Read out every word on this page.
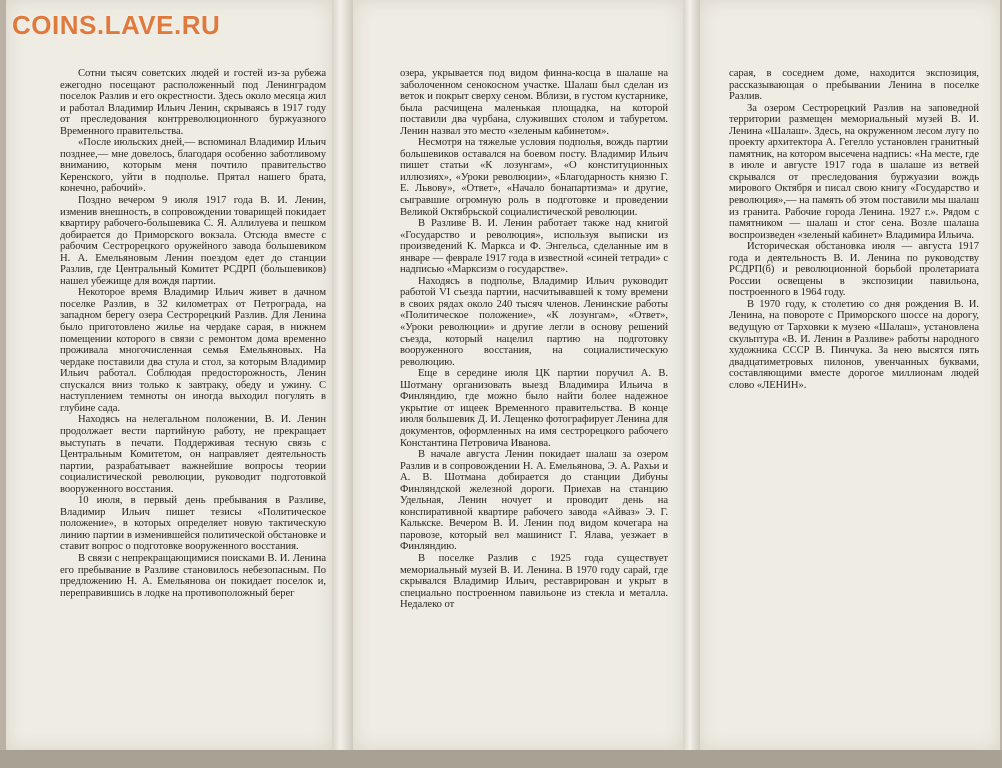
COINS.LAVE.RU

Сотни тысяч советских людей и гостей из-за рубежа ежегодно посещают расположенный под Ленинградом поселок Разлив и его окрестности. Здесь около месяца жил и работал Владимир Ильич Ленин, скрываясь в 1917 году от преследования контрреволюционного буржуазного Временного правительства.

«После июльских дней,— вспоминал Владимир Ильич позднее,— мне довелось, благодаря особенно заботливому вниманию, которым меня почтило правительство Керенского, уйти в подполье. Прятал нашего брата, конечно, рабочий».

Поздно вечером 9 июля 1917 года В. И. Ленин, изменив внешность, в сопровождении товарищей покидает квартиру рабочего-большевика С. Я. Аллилуева и пешком добирается до Приморского вокзала. Отсюда вместе с рабочим Сестрорецкого оружейного завода большевиком Н. А. Емельяновым Ленин поездом едет до станции Разлив, где Центральный Комитет РСДРП (большевиков) нашел убежище для вождя партии.

Некоторое время Владимир Ильич живет в дачном поселке Разлив, в 32 километрах от Петрограда, на западном берегу озера Сестрорецкий Разлив. Для Ленина было приготовлено жилье на чердаке сарая, в нижнем помещении которого в связи с ремонтом дома временно проживала многочисленная семья Емельяновых. На чердаке поставили два стула и стол, за которым Владимир Ильич работал. Соблюдая предосторожность, Ленин спускался вниз только к завтраку, обеду и ужину. С наступлением темноты он иногда выходил погулять в глубине сада.

Находясь на нелегальном положении, В. И. Ленин продолжает вести партийную работу, не прекращает выступать в печати. Поддерживая тесную связь с Центральным Комитетом, он направляет деятельность партии, разрабатывает важнейшие вопросы теории социалистической революции, руководит подготовкой вооруженного восстания.

10 июля, в первый день пребывания в Разливе, Владимир Ильич пишет тезисы «Политическое положение», в которых определяет новую тактическую линию партии в изменившейся политической обстановке и ставит вопрос о подготовке вооруженного восстания.

В связи с непрекращающимися поисками В. И. Ленина его пребывание в Разливе становилось небезопасным. По предложению Н. А. Емельянова он покидает поселок и, переправившись в лодке на противоположный берег

озера, укрывается под видом финна-косца в шалаше на заболоченном сенокосном участке. Шалаш был сделан из веток и покрыт сверху сеном. Вблизи, в густом кустарнике, была расчищена маленькая площадка, на которой поставили два чурбана, служивших столом и табуретом. Ленин назвал это место «зеленым кабинетом».

Несмотря на тяжелые условия подполья, вождь партии большевиков оставался на боевом посту. Владимир Ильич пишет статьи «К лозунгам», «О конституционных иллюзиях», «Уроки революции», «Благодарность князю Г. Е. Львову», «Ответ», «Начало бонапартизма» и другие, сыгравшие огромную роль в подготовке и проведении Великой Октябрьской социалистической революции.

В Разливе В. И. Ленин работает также над книгой «Государство и революция», используя выписки из произведений К. Маркса и Ф. Энгельса, сделанные им в январе — феврале 1917 года в известной «синей тетради» с надписью «Марксизм о государстве».

Находясь в подполье, Владимир Ильич руководит работой VI съезда партии, насчитывавшей к тому времени в своих рядах около 240 тысяч членов. Ленинские работы «Политическое положение», «К лозунгам», «Ответ», «Уроки революции» и другие легли в основу решений съезда, который нацелил партию на подготовку вооруженного восстания, на социалистическую революцию.

Еще в середине июля ЦК партии поручил А. В. Шотману организовать выезд Владимира Ильича в Финляндию, где можно было найти более надежное укрытие от ищеек Временного правительства. В конце июля большевик Д. И. Лещенко фотографирует Ленина для документов, оформленных на имя сестрорецкого рабочего Константина Петровича Иванова.

В начале августа Ленин покидает шалаш за озером Разлив и в сопровождении Н. А. Емельянова, Э. А. Рахьи и А. В. Шотмана добирается до станции Дибуны Финляндской железной дороги. Приехав на станцию Удельная, Ленин ночует и проводит день на конспиративной квартире рабочего завода «Айваз» Э. Г. Калькске. Вечером В. И. Ленин под видом кочегара на паровозе, который вел машинист Г. Ялава, уезжает в Финляндию.

В поселке Разлив с 1925 года существует мемориальный музей В. И. Ленина. В 1970 году сарай, где скрывался Владимир Ильич, реставрирован и укрыт в специально построенном павильоне из стекла и металла. Недалеко от

сарая, в соседнем доме, находится экспозиция, рассказывающая о пребывании Ленина в поселке Разлив.

За озером Сестрорецкий Разлив на заповедной территории размещен мемориальный музей В. И. Ленина «Шалаш». Здесь, на окруженном лесом лугу по проекту архитектора А. Гегелло установлен гранитный памятник, на котором высечена надпись: «На месте, где в июле и августе 1917 года в шалаше из ветвей скрывался от преследования буржуазии вождь мирового Октября и писал свою книгу «Государство и революция»,— на память об этом поставили мы шалаш из гранита. Рабочие города Ленина. 1927 г.». Рядом с памятником — шалаш и стог сена. Возле шалаша воспроизведен «зеленый кабинет» Владимира Ильича.

Историческая обстановка июля — августа 1917 года и деятельность В. И. Ленина по руководству РСДРП(б) и революционной борьбой пролетариата России освещены в экспозиции павильона, построенного в 1964 году.

В 1970 году, к столетию со дня рождения В. И. Ленина, на повороте с Приморского шоссе на дорогу, ведущую от Тарховки к музею «Шалаш», установлена скульптура «В. И. Ленин в Разливе» работы народного художника СССР В. Пинчука. За нею высятся пять двадцатиметровых пилонов, увенчанных буквами, составляющими вместе дорогое миллионам людей слово «ЛЕНИН».
